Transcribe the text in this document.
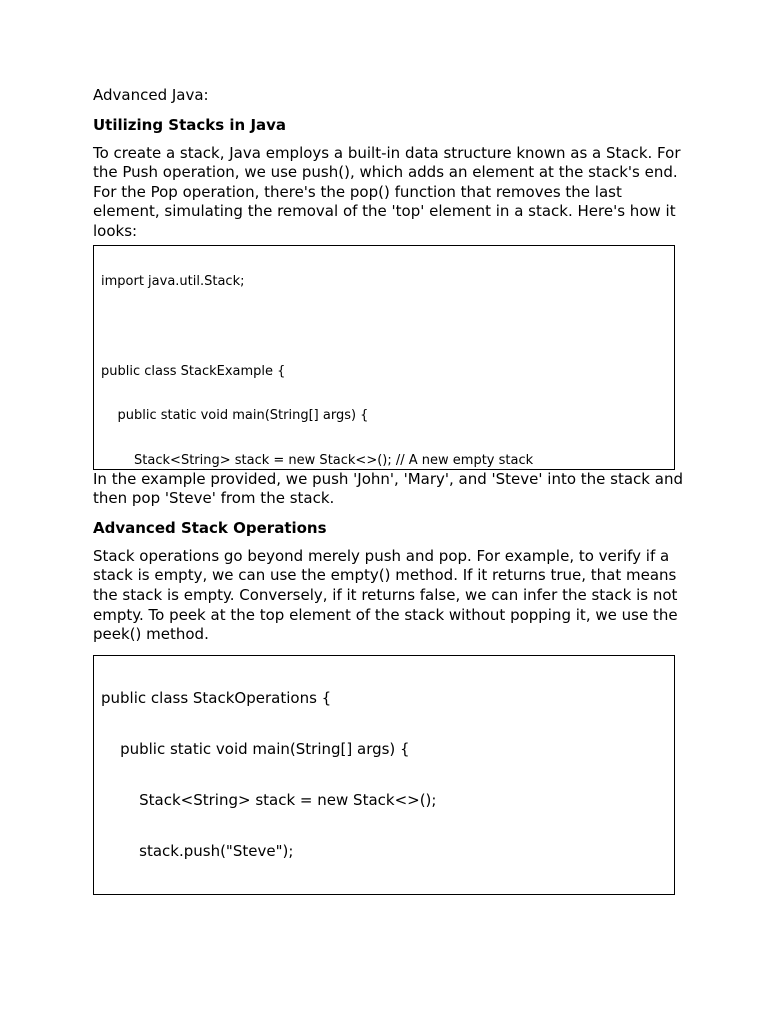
Advanced Java:

Utilizing Stacks in Java

To create a stack, Java employs a built-in data structure known as a Stack. For the Push operation, we use push(), which adds an element at the stack's end. For the Pop operation, there's the pop() function that removes the last element, simulating the removal of the 'top' element in a stack. Here's how it looks:

import java.util.Stack;

public class StackExample {

public static void main(String[] args) {

Stack<String> stack = new Stack<>(); // A new empty stack

In the example provided, we push 'John', 'Mary', and 'Steve' into the stack and then pop 'Steve' from the stack.

Advanced Stack Operations

Stack operations go beyond merely push and pop. For example, to verify if a stack is empty, we can use the empty() method. If it returns true, that means the stack is empty. Conversely, if it returns false, we can infer the stack is not empty. To peek at the top element of the stack without popping it, we use the peek() method.

public class StackOperations {

public static void main(String[] args) {

Stack<String> stack = new Stack<>();

stack.push("Steve");
